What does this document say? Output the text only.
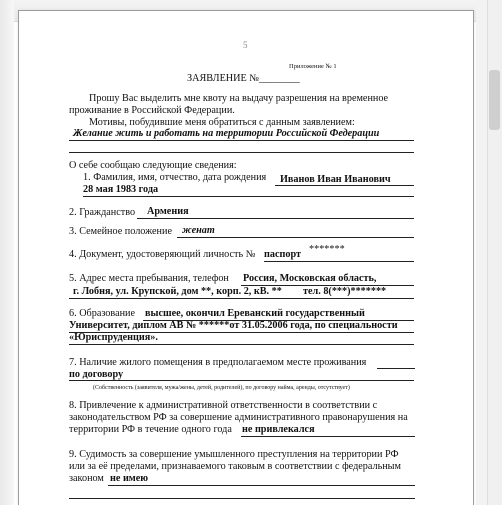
5
Приложение № 1
ЗАЯВЛЕНИЕ №________
Прошу Вас выделить мне квоту на выдачу разрешения на временное
проживание в Российской Федерации.
Мотивы, побудившие меня обратиться с данным заявлением:
Желание жить и работать на территории Российской Федерации
О себе сообщаю следующие сведения:
1. Фамилия, имя, отчество, дата рождения Иванов Иван Иванович
28 мая 1983 года
2. Гражданство Армения
3. Семейное положение женат
4. Документ, удостоверяющий личность № паспорт *******
5. Адрес места пребывания, телефон Россия, Московская область,
г. Лобня, ул. Крупской, дом **, корп. 2, кВ. ** тел. 8(***)*******
6. Образование высшее, окончил Ереванский государственный
Университет, диплом АВ № ******от 31.05.2006 года, по специальности
«Юриспруденция».
7. Наличие жилого помещения в предполагаемом месте проживания
по договору
(Собственность (заявителя, мужа/жены, детей, родителей), по договору найма, аренды, отсутствует)
8. Привлечение к административной ответственности в соответствии с
законодательством РФ за совершение административного правонарушения на
территории РФ в течение одного года не привлекался
9. Судимость за совершение умышленного преступления на территории РФ
или за её пределами, признаваемого таковым в соответствии с федеральным
законом не имею
